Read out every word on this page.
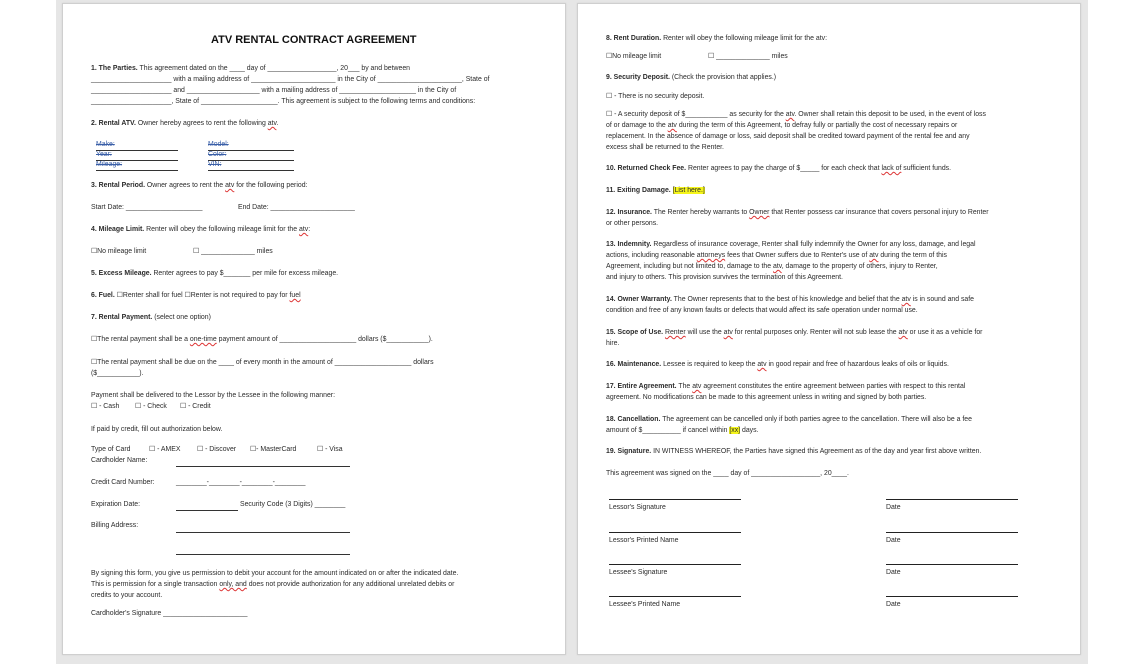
ATV RENTAL CONTRACT AGREEMENT
1. The Parties. This agreement dated on the ____ day of __________________, 20___ by and between
_____________________ with a mailing address of ______________________ in the City of ______________________, State of
_____________________ and ___________________ with a mailing address of ____________________ in the City of
_____________________, State of ____________________. This agreement is subject to the following terms and conditions:
2. Rental ATV. Owner hereby agrees to rent the following atv.
Make:	Model:
Year:	Color:
Mileage:	VIN:
3. Rental Period. Owner agrees to rent the atv for the following period:
Start Date: ____________________	End Date: ______________________
4. Mileage Limit. Renter will obey the following mileage limit for the atv:
☐No mileage limit	☐ ______________ miles
5. Excess Mileage. Renter agrees to pay $_______ per mile for excess mileage.
6. Fuel. ☐Renter shall for fuel ☐Renter is not required to pay for fuel
7. Rental Payment. (select one option)
☐The rental payment shall be a one-time payment amount of ____________________ dollars ($___________).
☐The rental payment shall be due on the ____ of every month in the amount of ____________________ dollars
($___________).
Payment shall be delivered to the Lessor by the Lessee in the following manner:
☐ - Cash ☐ - Check ☐ - Credit
If paid by credit, fill out authorization below.
Type of Card	☐ - AMEX ☐ - Discover ☐- MasterCard	☐ - Visa
Cardholder Name:
Credit Card Number:	________-________-________-________
Expiration Date:	Security Code (3 Digits) ________
Billing Address:
By signing this form, you give us permission to debit your account for the amount indicated on or after the indicated date.
This is permission for a single transaction only, and does not provide authorization for any additional unrelated debits or
credits to your account.
Cardholder's Signature ______________________
8. Rent Duration. Renter will obey the following mileage limit for the atv:
☐No mileage limit	☐ ______________ miles
9. Security Deposit. (Check the provision that applies.)
☐ - There is no security deposit.
☐ - A security deposit of $___________ as security for the atv. Owner shall retain this deposit to be used, in the event of loss
of or damage to the atv during the term of this Agreement, to defray fully or partially the cost of necessary repairs or
replacement. In the absence of damage or loss, said deposit shall be credited toward payment of the rental fee and any
excess shall be returned to the Renter.
10. Returned Check Fee. Renter agrees to pay the charge of $_____ for each check that lack of sufficient funds.
11. Exiting Damage. [List here.]
12. Insurance. The Renter hereby warrants to Owner that Renter possess car insurance that covers personal injury to Renter
or other persons.
13. Indemnity. Regardless of insurance coverage, Renter shall fully indemnify the Owner for any loss, damage, and legal
actions, including reasonable attorneys fees that Owner suffers due to Renter's use of atv during the term of this
Agreement, including but not limited to, damage to the atv, damage to the property of others, injury to Renter,
and injury to others. This provision survives the termination of this Agreement.
14. Owner Warranty. The Owner represents that to the best of his knowledge and belief that the atv is in sound and safe
condition and free of any known faults or defects that would affect its safe operation under normal use.
15. Scope of Use. Renter will use the atv for rental purposes only. Renter will not sub lease the atv or use it as a vehicle for
hire.
16. Maintenance. Lessee is required to keep the atv in good repair and free of hazardous leaks of oils or liquids.
17. Entire Agreement. The atv agreement constitutes the entire agreement between parties with respect to this rental
agreement. No modifications can be made to this agreement unless in writing and signed by both parties.
18. Cancellation. The agreement can be cancelled only if both parties agree to the cancellation. There will also be a fee
amount of $__________ if cancel within [xx] days.
19. Signature. IN WITNESS WHEREOF, the Parties have signed this Agreement as of the day and year first above written.
This agreement was signed on the ____ day of __________________, 20____.
Lessor's Signature	Date
Lessor's Printed Name	Date
Lessee's Signature	Date
Lessee's Printed Name	Date
